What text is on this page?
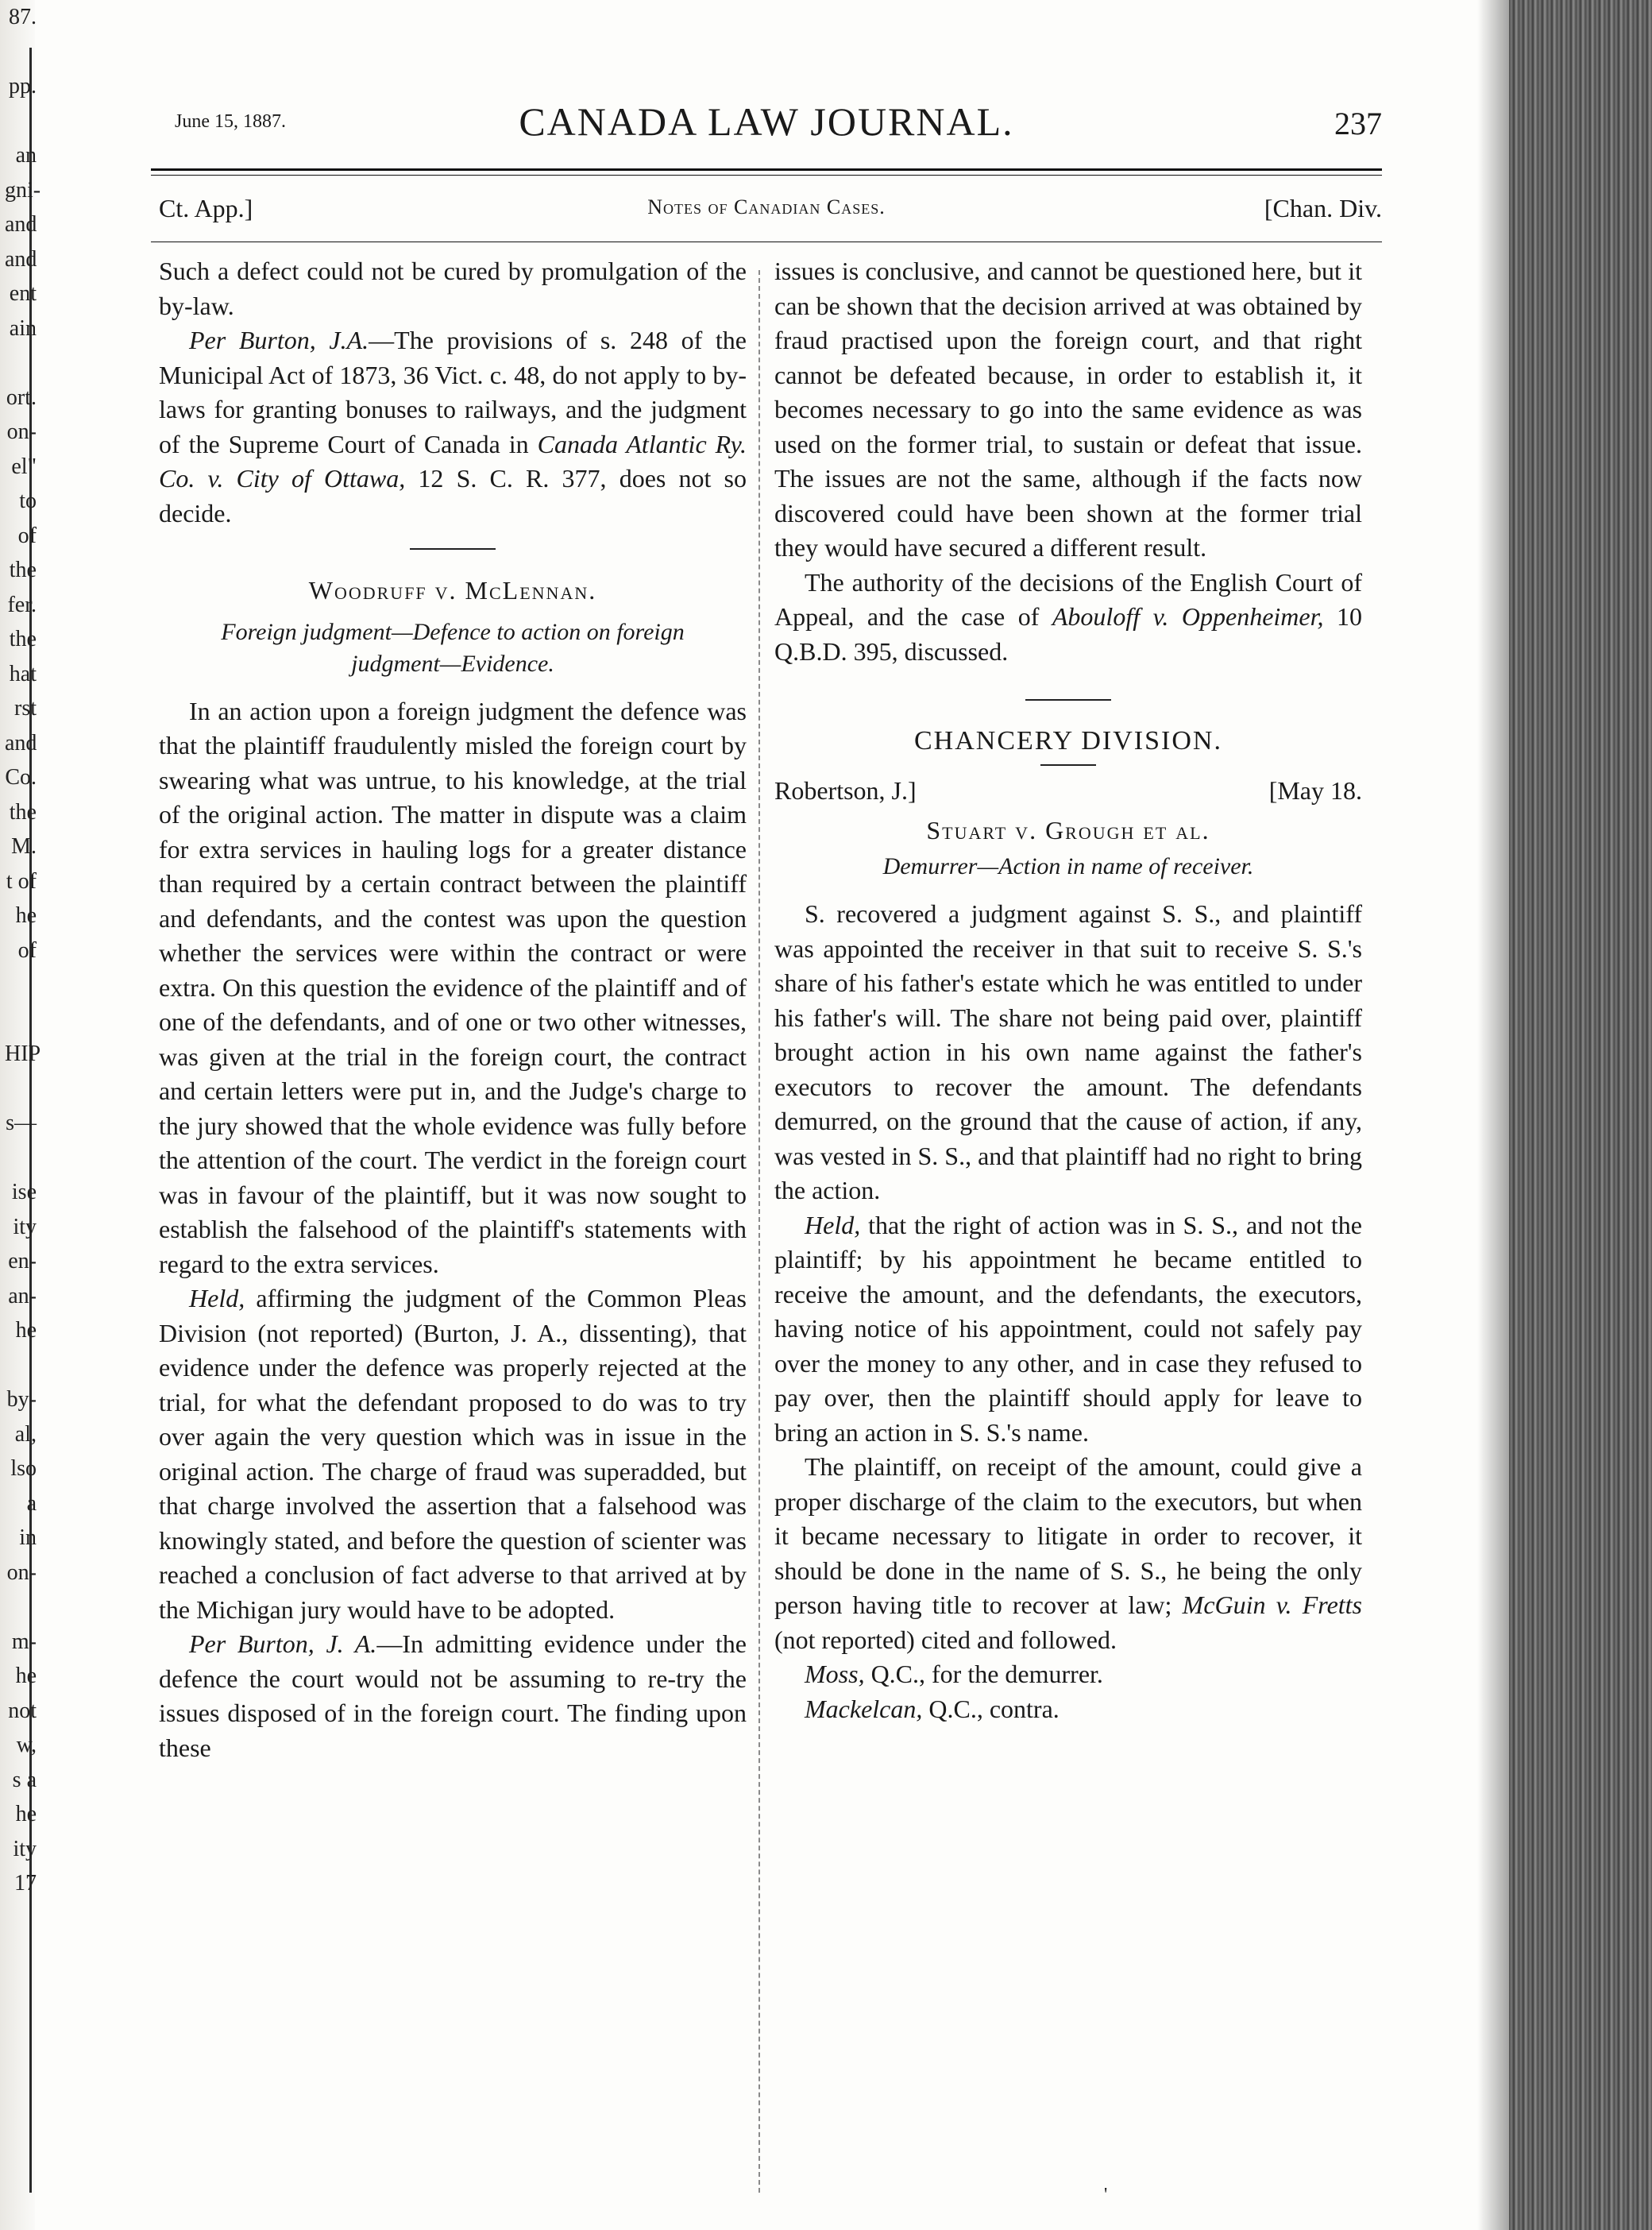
87.
pp.
an
gni-
and
and
ent
ain
ort.
on-
el"
to
of
the
fer.
the
hat
rst
and
Co.
the
M.
t of
he
of
HIP
s—
ise
ity
en-
an-
he
by-
al,
lso
a
in
on-
m-
he
not
w,
s a
he
ity
17
June 15, 1887.	CANADA LAW JOURNAL.	237
Ct. App.]	Notes of Canadian Cases.	[Chan. Div.

Such a defect could not be cured by promulgation of the by-law.

Per Burton, J.A.—The provisions of s. 248 of the Municipal Act of 1873, 36 Vict. c. 48, do not apply to by-laws for granting bonuses to railways, and the judgment of the Supreme Court of Canada in Canada Atlantic Ry. Co. v. City of Ottawa, 12 S. C. R. 377, does not so decide.

Woodruff v. McLennan.
Foreign judgment—Defence to action on foreign judgment—Evidence.

In an action upon a foreign judgment the defence was that the plaintiff fraudulently misled the foreign court by swearing what was untrue, to his knowledge, at the trial of the original action. The matter in dispute was a claim for extra services in hauling logs for a greater distance than required by a certain contract between the plaintiff and defendants, and the contest was upon the question whether the services were within the contract or were extra. On this question the evidence of the plaintiff and of one of the defendants, and of one or two other witnesses, was given at the trial in the foreign court, the contract and certain letters were put in, and the Judge's charge to the jury showed that the whole evidence was fully before the attention of the court. The verdict in the foreign court was in favour of the plaintiff, but it was now sought to establish the falsehood of the plaintiff's statements with regard to the extra services.

Held, affirming the judgment of the Common Pleas Division (not reported) (Burton, J. A., dissenting), that evidence under the defence was properly rejected at the trial, for what the defendant proposed to do was to try over again the very question which was in issue in the original action. The charge of fraud was superadded, but that charge involved the assertion that a falsehood was knowingly stated, and before the question of scienter was reached a conclusion of fact adverse to that arrived at by the Michigan jury would have to be adopted.

Per Burton, J. A.—In admitting evidence under the defence the court would not be assuming to re-try the issues disposed of in the foreign court. The finding upon these

issues is conclusive, and cannot be questioned here, but it can be shown that the decision arrived at was obtained by fraud practised upon the foreign court, and that right cannot be defeated because, in order to establish it, it becomes necessary to go into the same evidence as was used on the former trial, to sustain or defeat that issue. The issues are not the same, although if the facts now discovered could have been shown at the former trial they would have secured a different result.

The authority of the decisions of the English Court of Appeal, and the case of Abouloff v. Oppenheimer, 10 Q.B.D. 395, discussed.

CHANCERY DIVISION.
Robertson, J.]	[May 18.
Stuart v. Grough et al.
Demurrer—Action in name of receiver.

S. recovered a judgment against S. S., and plaintiff was appointed the receiver in that suit to receive S. S.'s share of his father's estate which he was entitled to under his father's will. The share not being paid over, plaintiff brought action in his own name against the father's executors to recover the amount. The defendants demurred, on the ground that the cause of action, if any, was vested in S. S., and that plaintiff had no right to bring the action.

Held, that the right of action was in S. S., and not the plaintiff; by his appointment he became entitled to receive the amount, and the defendants, the executors, having notice of his appointment, could not safely pay over the money to any other, and in case they refused to pay over, then the plaintiff should apply for leave to bring an action in S. S.'s name.

The plaintiff, on receipt of the amount, could give a proper discharge of the claim to the executors, but when it became necessary to litigate in order to recover, it should be done in the name of S. S., he being the only person having title to recover at law; McGuin v. Fretts (not reported) cited and followed.

Moss, Q.C., for the demurrer.
Mackelcan, Q.C., contra.
'
